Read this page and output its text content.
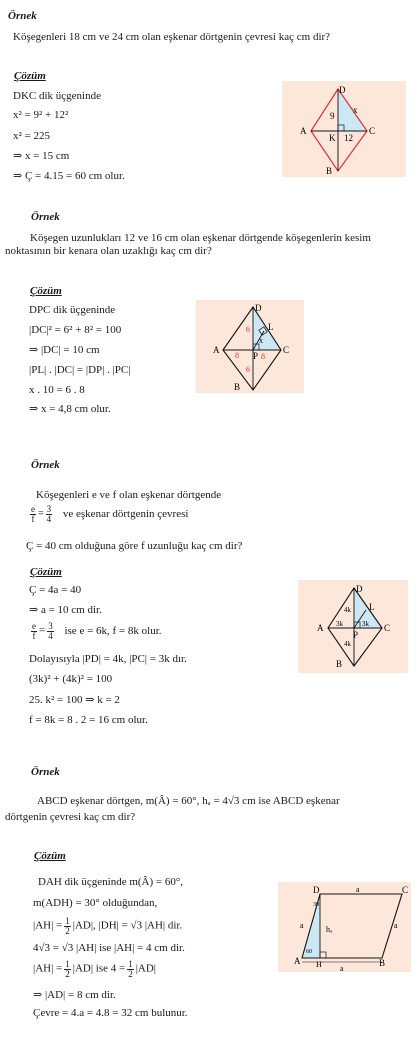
Örnek
Köşegenleri 18 cm ve 24 cm olan eşkenar dörtgenin çevresi kaç cm dir?
Çözüm
DKC dik üçgeninde
x² = 9² + 12²
x² = 225
⇒ x = 15 cm
⇒ Ç = 4.15 = 60 cm olur.
D
A	C
B
K
9
12
x
Örnek
Köşegen uzunlukları 12 ve 16 cm olan eşkenar dörtgende köşegenlerin kesim
noktasının bir kenara olan uzaklığı kaç cm dir?
Çözüm
DPC dik üçgeninde
|DC|² = 6² + 8² = 100
⇒ |DC| = 10 cm
|PL| . |DC| = |DP| . |PC|
x . 10 = 6 . 8
⇒ x = 4,8 cm olur.
D
A	C
B
P
L
6
6
8	8
x
Örnek
Köşegenleri e ve f olan eşkenar dörtgende
$\frac{e}{f} = \frac{3}{4}$ ve eşkenar dörtgenin çevresi
Ç = 40 cm olduğuna göre f uzunluğu kaç cm dir?
Çözüm
Ç = 4a = 40
⇒ a = 10 cm dir.
$\frac{e}{f} = \frac{3}{4}$ ise e = 6k, f = 8k olur.
Dolayısıyla |PD| = 4k, |PC| = 3k dır.
(3k)² + (4k)² = 100
25. k² = 100 ⇒ k = 2
f = 8k = 8 . 2 = 16 cm olur.
D
A	C
B
P
L
4k
4k
3k	3k
Örnek
ABCD eşkenar dörtgen, m(Â) = 60°, hₐ = 4√3 cm ise ABCD eşkenar
dörtgenin çevresi kaç cm dir?
Çözüm
DAH dik üçgeninde m(Â) = 60°,
m(ADH) = 30° olduğundan,
$|AH| = \frac{1}{2} |AD|$, |DH| = √3 |AH| dir.
4√3 = √3 |AH| ise |AH| = 4 cm dir.
$|AH| = \frac{1}{2} |AD|$ ise $4 = \frac{1}{2} |AD|$
⇒ |AD| = 8 cm dir.
Çevre = 4.a = 4.8 = 32 cm bulunur.
D	C
A	B
H
a
a	a
a
hₐ
30
60
